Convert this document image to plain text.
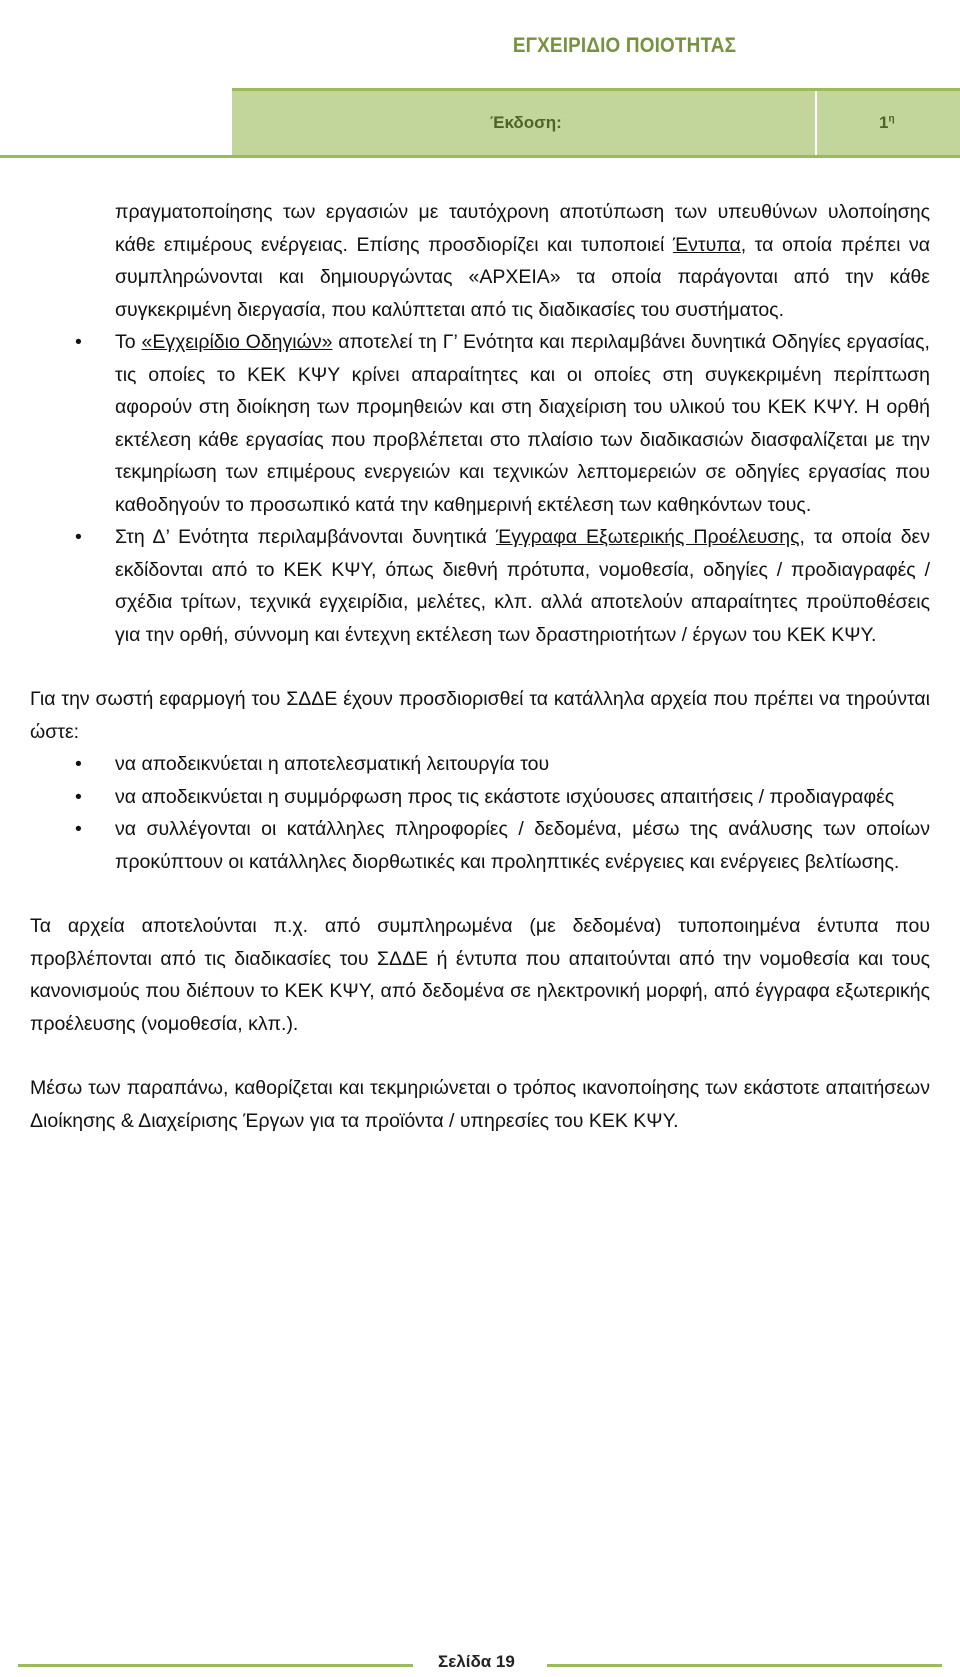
ΕΓΧΕΙΡΙΔΙΟ ΠΟΙΟΤΗΤΑΣ
Έκδοση:	$1^\eta$

πραγματοποίησης των εργασιών με ταυτόχρονη αποτύπωση των υπευθύνων υλοποίησης κάθε επιμέρους ενέργειας. Επίσης προσδιορίζει και τυποποιεί Έντυπα, τα οποία πρέπει να συμπληρώνονται και δημιουργώντας «ΑΡΧΕΙΑ» τα οποία παράγονται από την κάθε συγκεκριμένη διεργασία, που καλύπτεται από τις διαδικασίες του συστήματος.

• Το «Εγχειρίδιο Οδηγιών» αποτελεί τη Γ’ Ενότητα και περιλαμβάνει δυνητικά Οδηγίες εργασίας, τις οποίες το ΚΕΚ ΚΨΥ κρίνει απαραίτητες και οι οποίες στη συγκεκριμένη περίπτωση αφορούν στη διοίκηση των προμηθειών και στη διαχείριση του υλικού του ΚΕΚ ΚΨΥ. Η ορθή εκτέλεση κάθε εργασίας που προβλέπεται στο πλαίσιο των διαδικασιών διασφαλίζεται με την τεκμηρίωση των επιμέρους ενεργειών και τεχνικών λεπτομερειών σε οδηγίες εργασίας που καθοδηγούν το προσωπικό κατά την καθημερινή εκτέλεση των καθηκόντων τους.
• Στη Δ’ Ενότητα περιλαμβάνονται δυνητικά Έγγραφα Εξωτερικής Προέλευσης, τα οποία δεν εκδίδονται από το ΚΕΚ ΚΨΥ, όπως διεθνή πρότυπα, νομοθεσία, οδηγίες / προδιαγραφές / σχέδια τρίτων, τεχνικά εγχειρίδια, μελέτες, κλπ. αλλά αποτελούν απαραίτητες προϋποθέσεις για την ορθή, σύννομη και έντεχνη εκτέλεση των δραστηριοτήτων / έργων του ΚΕΚ ΚΨΥ.

Για την σωστή εφαρμογή του ΣΔΔΕ έχουν προσδιορισθεί τα κατάλληλα αρχεία που πρέπει να τηρούνται ώστε:

• να αποδεικνύεται η αποτελεσματική λειτουργία του
• να αποδεικνύεται η συμμόρφωση προς τις εκάστοτε ισχύουσες απαιτήσεις / προδιαγραφές
• να συλλέγονται οι κατάλληλες πληροφορίες / δεδομένα, μέσω της ανάλυσης των οποίων προκύπτουν οι κατάλληλες διορθωτικές και προληπτικές ενέργειες και ενέργειες βελτίωσης.

Τα αρχεία αποτελούνται π.χ. από συμπληρωμένα (με δεδομένα) τυποποιημένα έντυπα που προβλέπονται από τις διαδικασίες του ΣΔΔΕ ή έντυπα που απαιτούνται από την νομοθεσία και τους κανονισμούς που διέπουν το ΚΕΚ ΚΨΥ, από δεδομένα σε ηλεκτρονική μορφή, από έγγραφα εξωτερικής προέλευσης (νομοθεσία, κλπ.).

Μέσω των παραπάνω, καθορίζεται και τεκμηριώνεται ο τρόπος ικανοποίησης των εκάστοτε απαιτήσεων Διοίκησης & Διαχείρισης Έργων για τα προϊόντα / υπηρεσίες του ΚΕΚ ΚΨΥ.

Σελίδα 19
